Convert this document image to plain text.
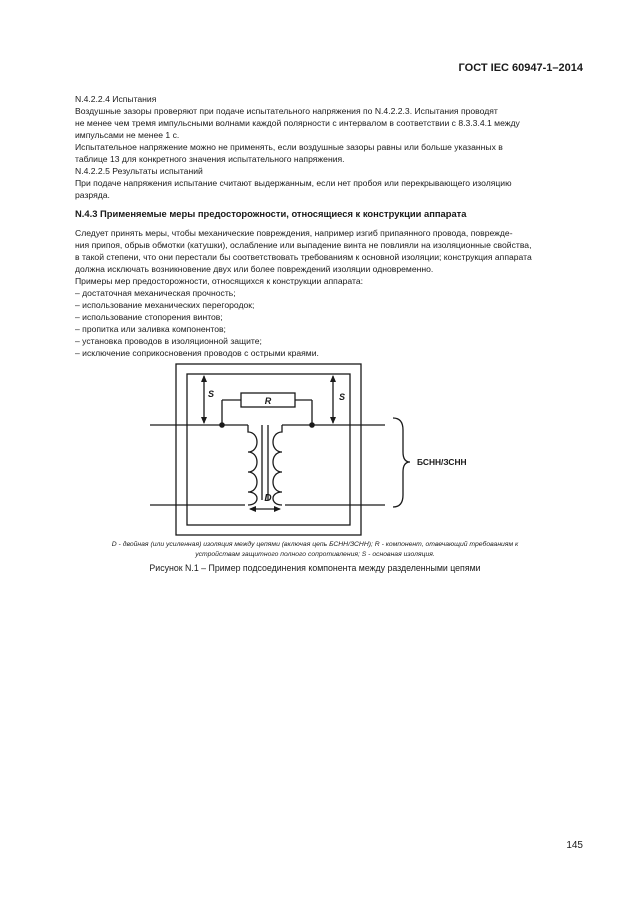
ГОСТ IEC 60947-1–2014

N.4.2.2.4 Испытания

Воздушные зазоры проверяют при подаче испытательного напряжения по N.4.2.2.3. Испытания проводят

не менее чем тремя импульсными волнами каждой полярности с интервалом в соответствии с 8.3.3.4.1 между

импульсами не менее 1 с.

Испытательное напряжение можно не применять, если воздушные зазоры равны или больше указанных в

таблице 13 для конкретного значения испытательного напряжения.

N.4.2.2.5 Результаты испытаний

При подаче напряжения испытание считают выдержанным, если нет пробоя или перекрывающего изоляцию

разряда.

N.4.3 Применяемые меры предосторожности, относящиеся к конструкции аппарата

Следует принять меры, чтобы механические повреждения, например изгиб припаянного провода, поврежде-

ния припоя, обрыв обмотки (катушки), ослабление или выпадение винта не повлияли на изоляционные свойства,

в такой степени, что они перестали бы соответствовать требованиям к основной изоляции; конструкция аппарата

должна исключать возникновение двух или более повреждений изоляции одновременно.

Примеры мер предосторожности, относящихся к конструкции аппарата:

– достаточная механическая прочность;

– использование механических перегородок;

– использование стопорения винтов;

– пропитка или заливка компонентов;

– установка проводов в изоляционной защите;

– исключение соприкосновения проводов с острыми краями.

R
S	S
D
БСНН/ЗСНН
D - двойная (или усиленная) изоляция между цепями (включая цепь БСНН/ЗСНН); R - компонент, отвечающий требованиям к
устройствам защитного полного сопротивления; S - основная изоляция.
Рисунок N.1 – Пример подсоединения компонента между разделенными цепями
145
